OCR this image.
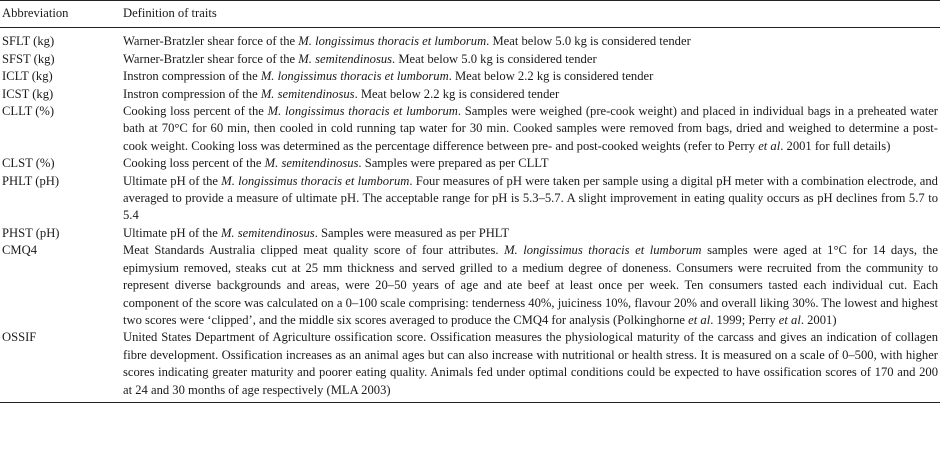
Abbreviation	Definition of traits
SFLT (kg)	Warner-Bratzler shear force of the M. longissimus thoracis et lumborum. Meat below 5.0 kg is considered tender
SFST (kg)	Warner-Bratzler shear force of the M. semitendinosus. Meat below 5.0 kg is considered tender
ICLT (kg)	Instron compression of the M. longissimus thoracis et lumborum. Meat below 2.2 kg is considered tender
ICST (kg)	Instron compression of the M. semitendinosus. Meat below 2.2 kg is considered tender
CLLT (%)	Cooking loss percent of the M. longissimus thoracis et lumborum. Samples were weighed (pre-cook weight) and placed in individual bags in a preheated water bath at 70°C for 60 min, then cooled in cold running tap water for 30 min. Cooked samples were removed from bags, dried and weighed to determine a post-cook weight. Cooking loss was determined as the percentage difference between pre- and post-cooked weights (refer to Perry et al. 2001 for full details)
CLST (%)	Cooking loss percent of the M. semitendinosus. Samples were prepared as per CLLT
PHLT (pH)	Ultimate pH of the M. longissimus thoracis et lumborum. Four measures of pH were taken per sample using a digital pH meter with a combination electrode, and averaged to provide a measure of ultimate pH. The acceptable range for pH is 5.3–5.7. A slight improvement in eating quality occurs as pH declines from 5.7 to 5.4
PHST (pH)	Ultimate pH of the M. semitendinosus. Samples were measured as per PHLT
CMQ4	Meat Standards Australia clipped meat quality score of four attributes. M. longissimus thoracis et lumborum samples were aged at 1°C for 14 days, the epimysium removed, steaks cut at 25 mm thickness and served grilled to a medium degree of doneness. Consumers were recruited from the community to represent diverse backgrounds and areas, were 20–50 years of age and ate beef at least once per week. Ten consumers tasted each individual cut. Each component of the score was calculated on a 0–100 scale comprising: tenderness 40%, juiciness 10%, flavour 20% and overall liking 30%. The lowest and highest two scores were ‘clipped’, and the middle six scores averaged to produce the CMQ4 for analysis (Polkinghorne et al. 1999; Perry et al. 2001)
OSSIF	United States Department of Agriculture ossification score. Ossification measures the physiological maturity of the carcass and gives an indication of collagen fibre development. Ossification increases as an animal ages but can also increase with nutritional or health stress. It is measured on a scale of 0–500, with higher scores indicating greater maturity and poorer eating quality. Animals fed under optimal conditions could be expected to have ossification scores of 170 and 200 at 24 and 30 months of age respectively (MLA 2003)
